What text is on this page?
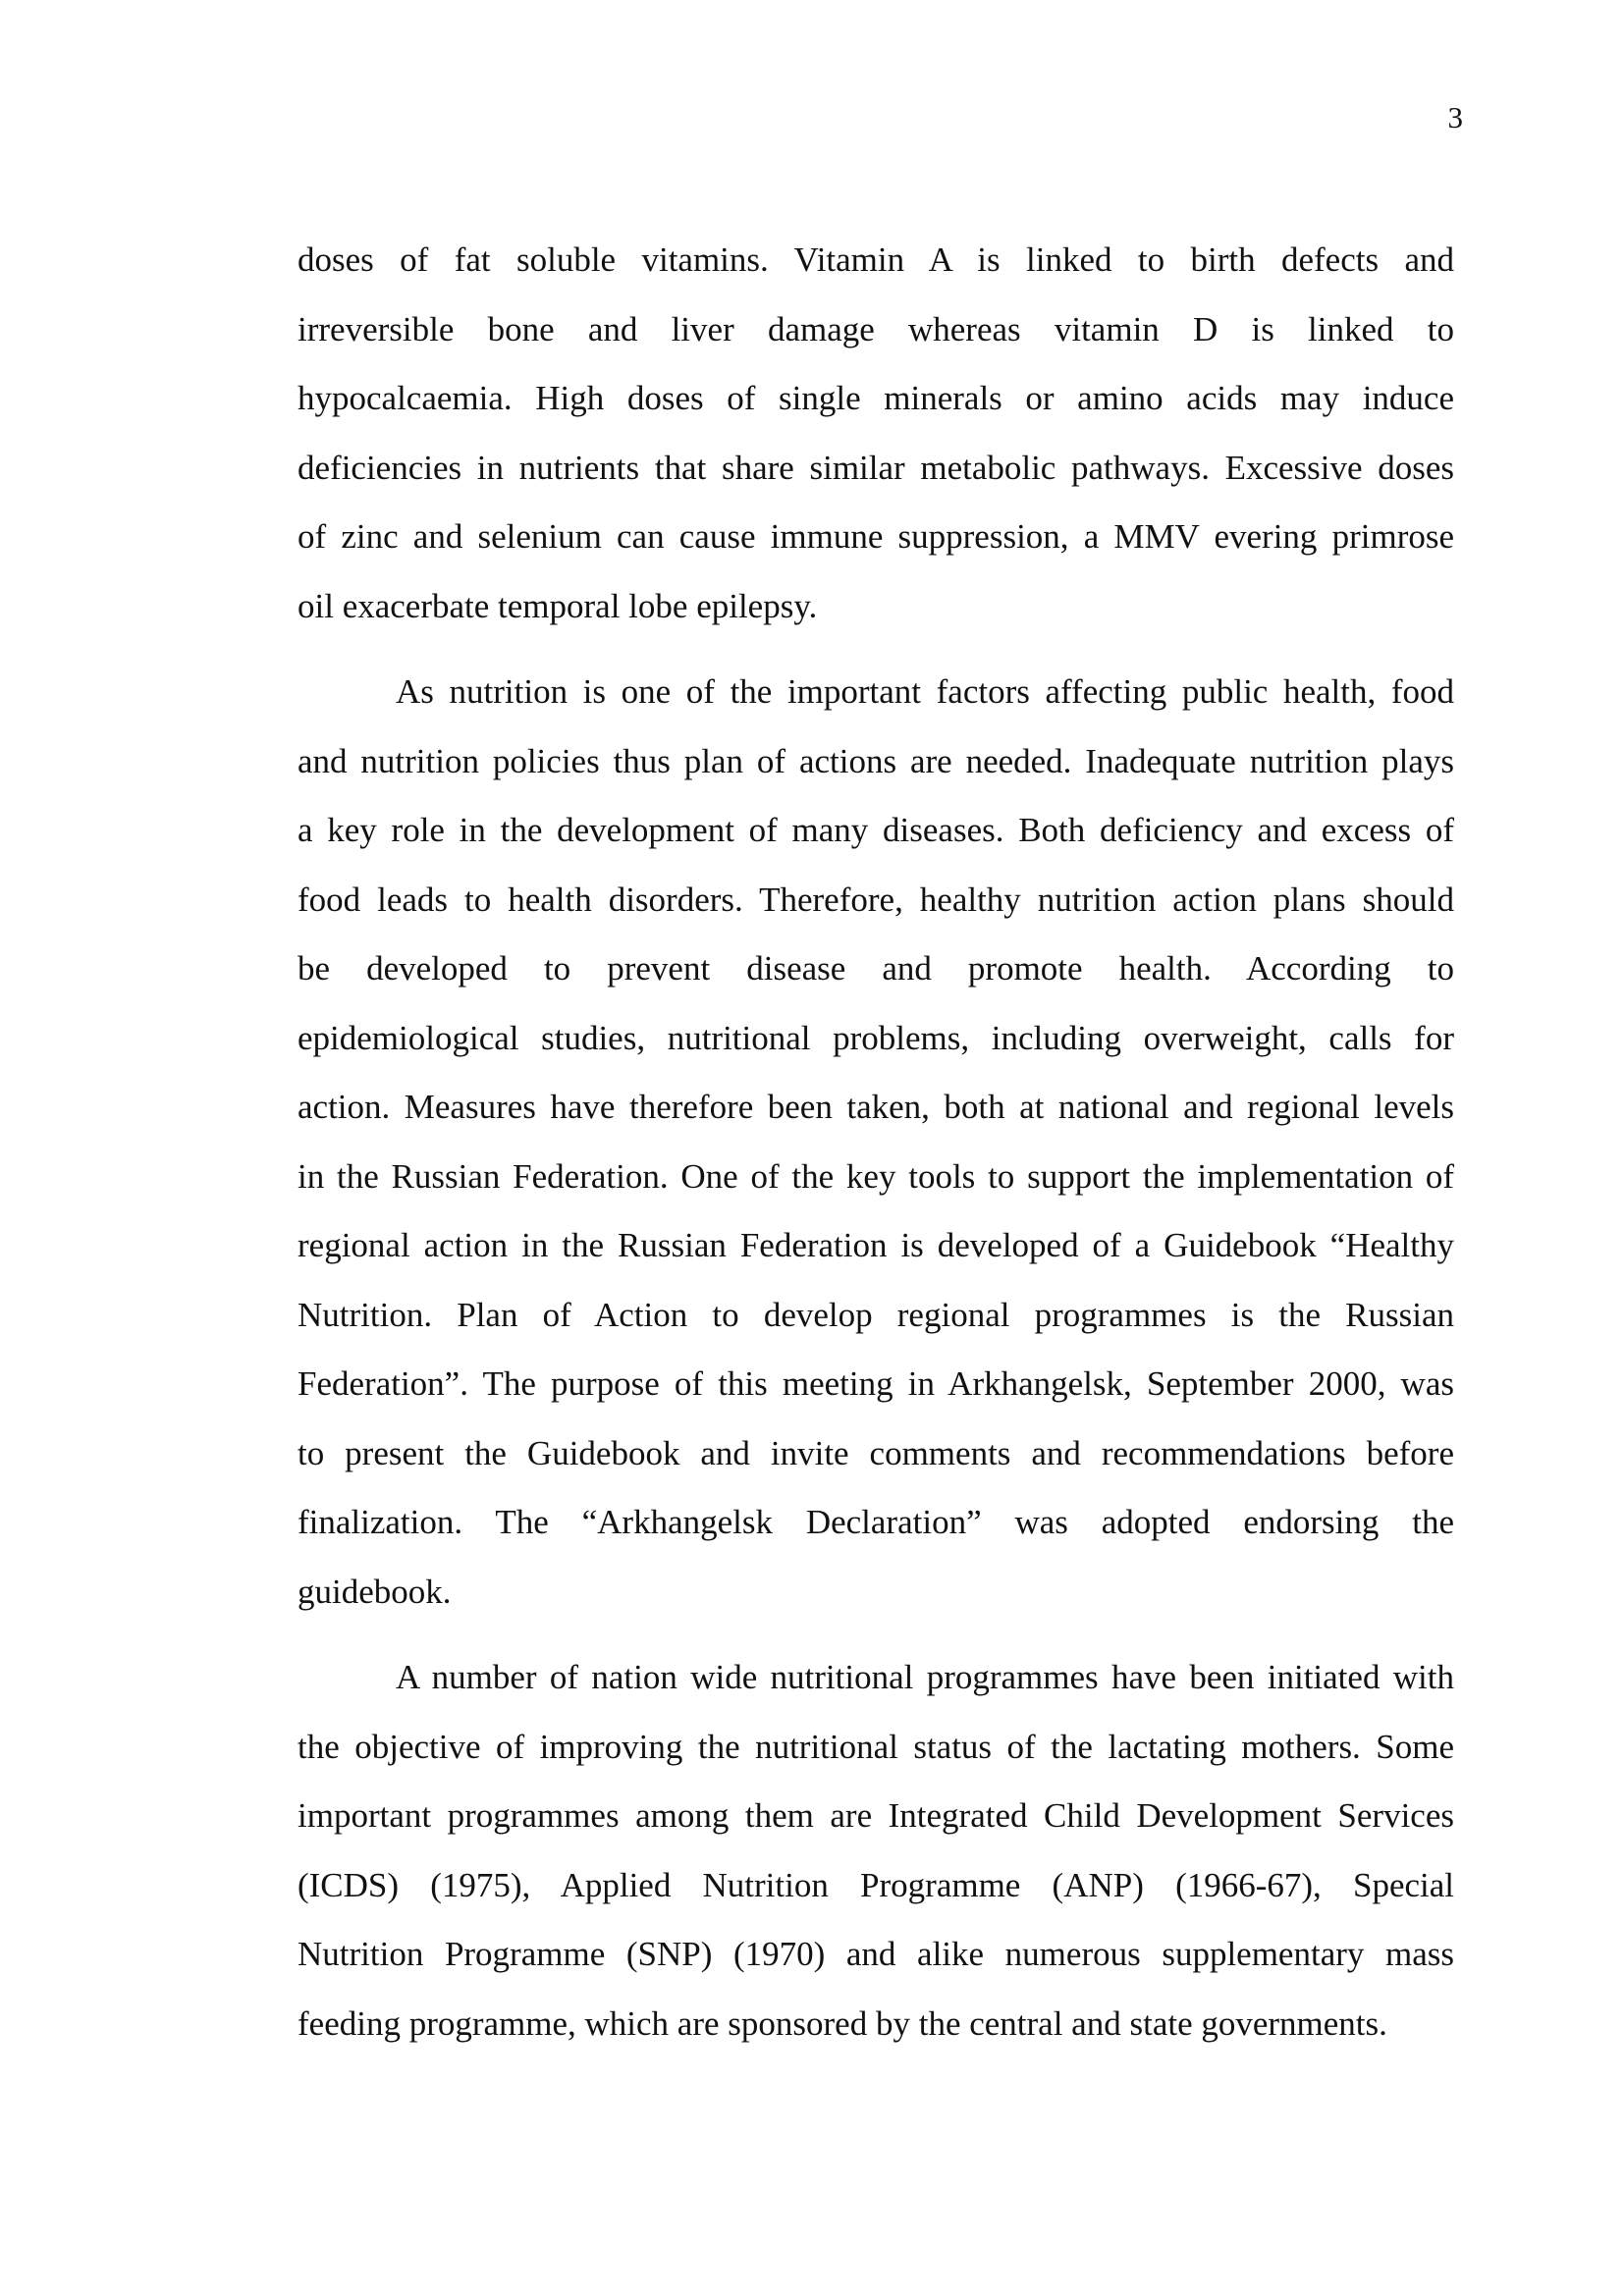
3
doses of fat soluble vitamins. Vitamin A is linked to birth defects and
irreversible bone and liver damage whereas vitamin D is linked to
hypocalcaemia. High doses of single minerals or amino acids may induce
deficiencies in nutrients that share similar metabolic pathways. Excessive doses
of zinc and selenium can cause immune suppression, a MMV evering primrose
oil exacerbate temporal lobe epilepsy.
As nutrition is one of the important factors affecting public health, food
and nutrition policies thus plan of actions are needed. Inadequate nutrition plays
a key role in the development of many diseases. Both deficiency and excess of
food leads to health disorders. Therefore, healthy nutrition action plans should
be developed to prevent disease and promote health. According to
epidemiological studies, nutritional problems, including overweight, calls for
action. Measures have therefore been taken, both at national and regional levels
in the Russian Federation. One of the key tools to support the implementation of
regional action in the Russian Federation is developed of a Guidebook “Healthy
Nutrition. Plan of Action to develop regional programmes is the Russian
Federation”. The purpose of this meeting in Arkhangelsk, September 2000, was
to present the Guidebook and invite comments and recommendations before
finalization. The “Arkhangelsk Declaration” was adopted endorsing the
guidebook.
A number of nation wide nutritional programmes have been initiated with
the objective of improving the nutritional status of the lactating mothers. Some
important programmes among them are Integrated Child Development Services
(ICDS) (1975), Applied Nutrition Programme (ANP) (1966-67), Special
Nutrition Programme (SNP) (1970) and alike numerous supplementary mass
feeding programme, which are sponsored by the central and state governments.
